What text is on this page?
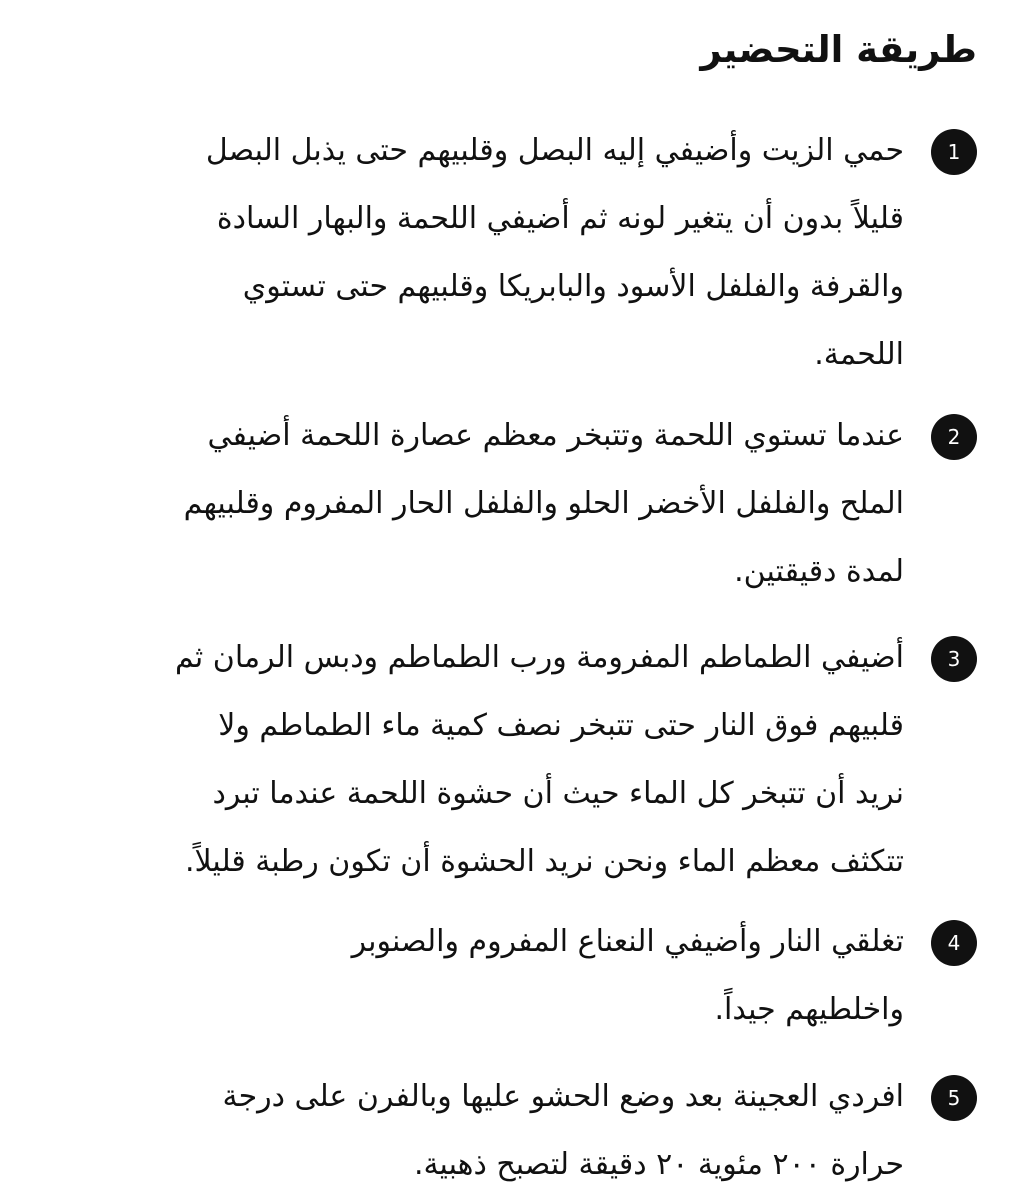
طريقة التحضير
1

حمي الزيت وأضيفي إليه البصل وقلبيهم حتى يذبل البصل
قليلاً بدون أن يتغير لونه ثم أضيفي اللحمة والبهار السادة
والقرفة والفلفل الأسود والبابريكا وقلبيهم حتى تستوي
اللحمة.

2

عندما تستوي اللحمة وتتبخر معظم عصارة اللحمة أضيفي
الملح والفلفل الأخضر الحلو والفلفل الحار المفروم وقلبيهم
لمدة دقيقتين.

3

أضيفي الطماطم المفرومة ورب الطماطم ودبس الرمان ثم
قلبيهم فوق النار حتى تتبخر نصف كمية ماء الطماطم ولا
نريد أن تتبخر كل الماء حيث أن حشوة اللحمة عندما تبرد
تتكثف معظم الماء ونحن نريد الحشوة أن تكون رطبة قليلاً.

4

تغلقي النار وأضيفي النعناع المفروم والصنوبر
واخلطيهم جيداً.

5

افردي العجينة بعد وضع الحشو عليها وبالفرن على درجة
حرارة ٢٠٠ مئوية ٢٠ دقيقة لتصبح ذهبية.
